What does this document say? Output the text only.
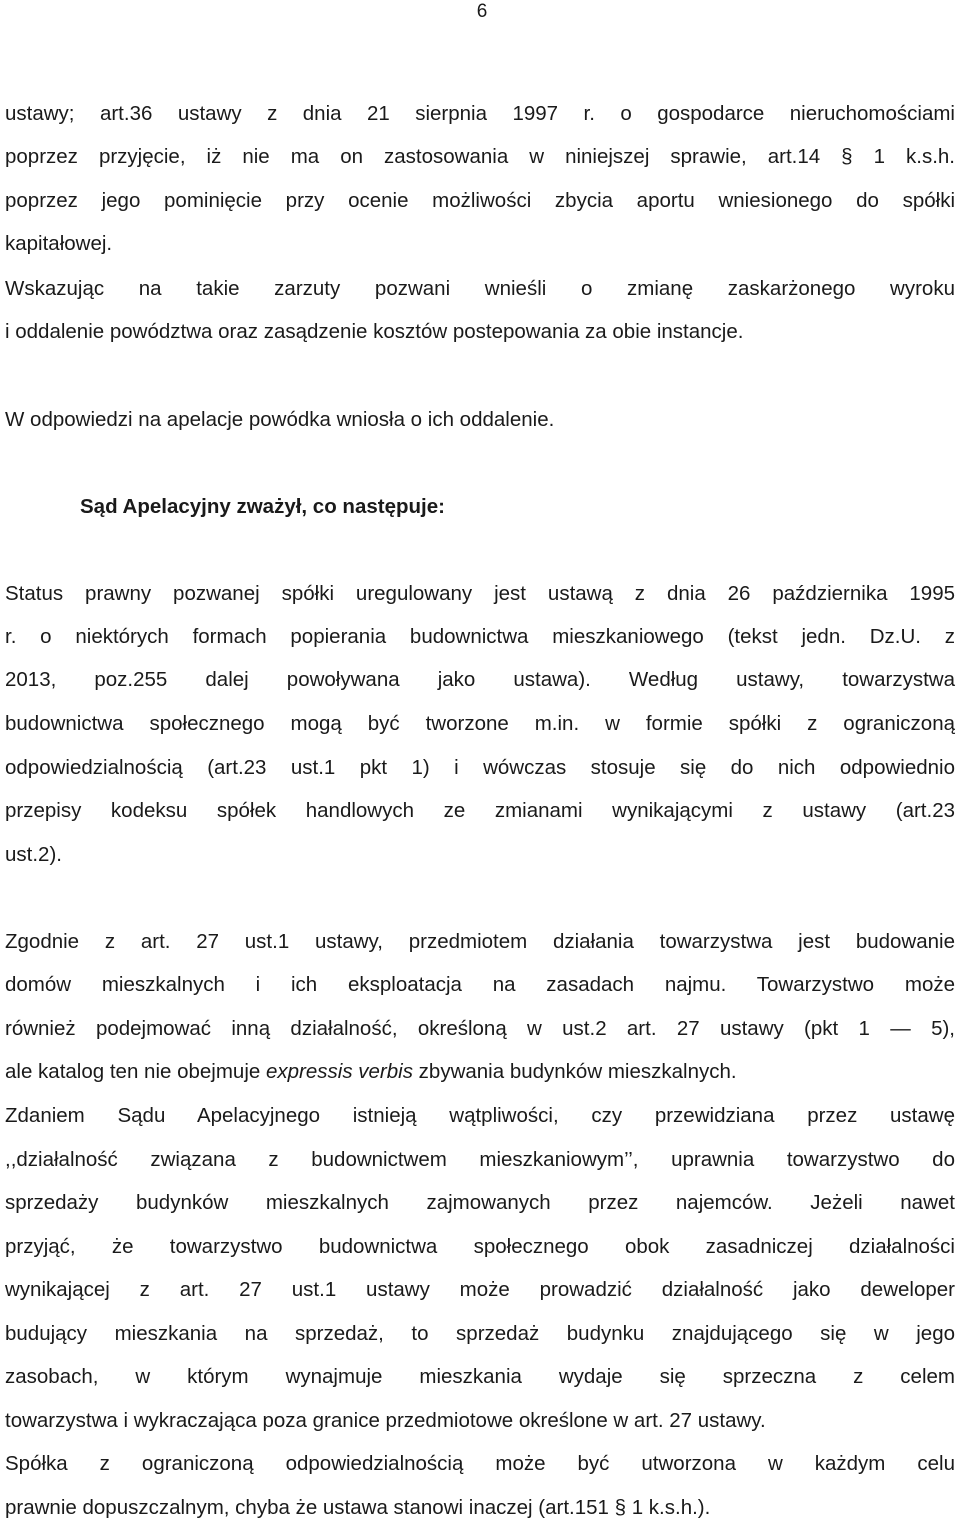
6
ustawy; art.36 ustawy z dnia 21 sierpnia 1997 r. o gospodarce nieruchomościami
poprzez przyjęcie, iż nie ma on zastosowania w niniejszej sprawie, art.14 § 1 k.s.h.
poprzez jego pominięcie przy ocenie możliwości zbycia aportu wniesionego do spółki
kapitałowej.
Wskazując na takie zarzuty pozwani wnieśli o zmianę zaskarżonego wyroku
i oddalenie powództwa oraz zasądzenie kosztów postepowania za obie instancje.
W odpowiedzi na apelacje powódka wniosła o ich oddalenie.
Sąd Apelacyjny zważył, co następuje:
Status prawny pozwanej spółki uregulowany jest ustawą z dnia 26 października 1995
r. o niektórych formach popierania budownictwa mieszkaniowego (tekst jedn. Dz.U. z
2013, poz.255 dalej powoływana jako ustawa). Według ustawy, towarzystwa
budownictwa społecznego mogą być tworzone m.in. w formie spółki z ograniczoną
odpowiedzialnością (art.23 ust.1 pkt 1) i wówczas stosuje się do nich odpowiednio
przepisy kodeksu spółek handlowych ze zmianami wynikającymi z ustawy (art.23
ust.2).
Zgodnie z art. 27 ust.1 ustawy, przedmiotem działania towarzystwa jest budowanie
domów mieszkalnych i ich eksploatacja na zasadach najmu. Towarzystwo może
również podejmować inną działalność, określoną w ust.2 art. 27 ustawy (pkt 1 — 5),
ale katalog ten nie obejmuje expressis verbis zbywania budynków mieszkalnych.
Zdaniem Sądu Apelacyjnego istnieją wątpliwości, czy przewidziana przez ustawę
,,działalność związana z budownictwem mieszkaniowym’’, uprawnia towarzystwo do
sprzedaży budynków mieszkalnych zajmowanych przez najemców. Jeżeli nawet
przyjąć, że towarzystwo budownictwa społecznego obok zasadniczej działalności
wynikającej z art. 27 ust.1 ustawy może prowadzić działalność jako deweloper
budujący mieszkania na sprzedaż, to sprzedaż budynku znajdującego się w jego
zasobach, w którym wynajmuje mieszkania wydaje się sprzeczna z celem
towarzystwa i wykraczająca poza granice przedmiotowe określone w art. 27 ustawy.
Spółka z ograniczoną odpowiedzialnością może być utworzona w każdym celu
prawnie dopuszczalnym, chyba że ustawa stanowi inaczej (art.151 § 1 k.s.h.).
